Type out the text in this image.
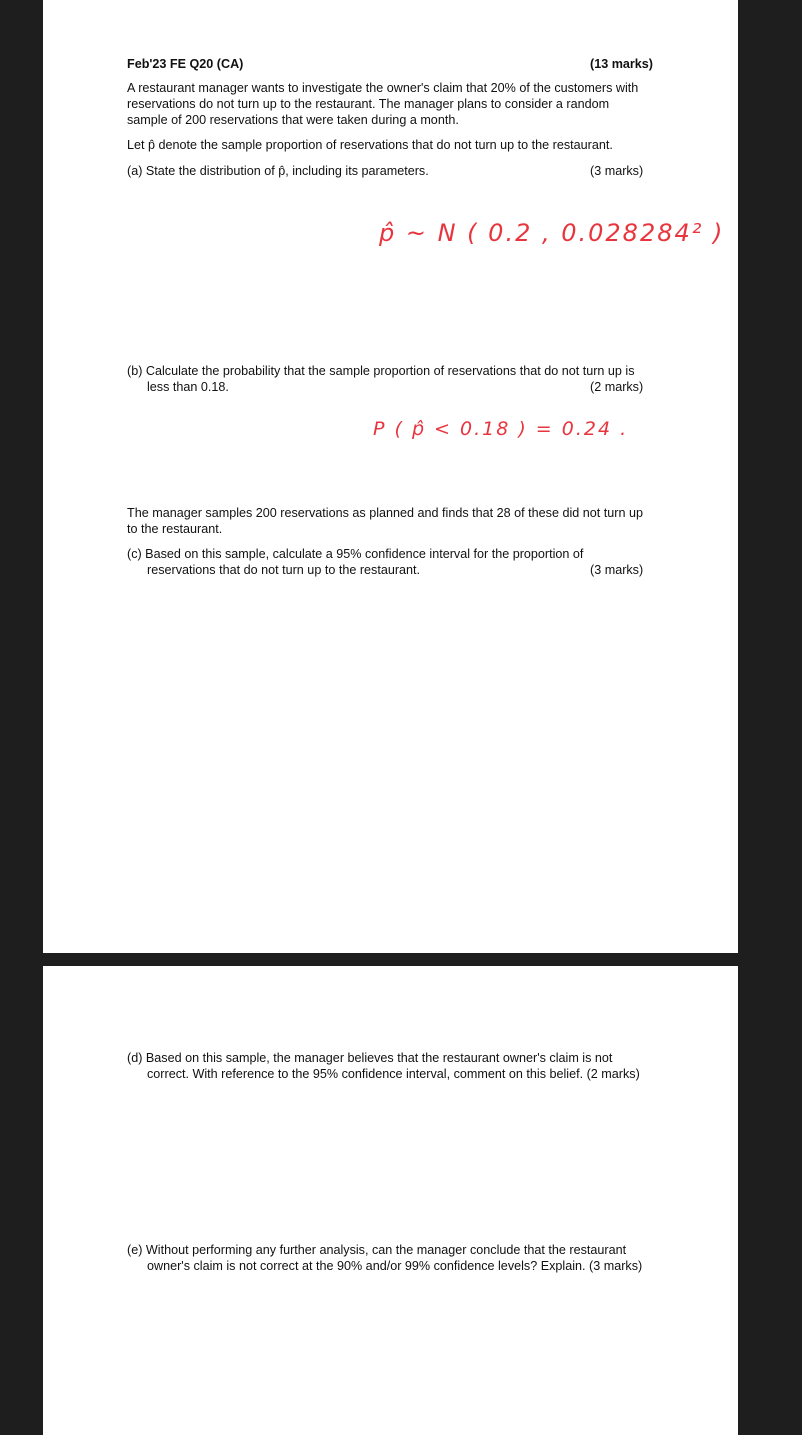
Feb'23 FE Q20 (CA)	(13 marks)
A restaurant manager wants to investigate the owner's claim that 20% of the customers with
reservations do not turn up to the restaurant. The manager plans to consider a random
sample of 200 reservations that were taken during a month.
Let p̂ denote the sample proportion of reservations that do not turn up to the restaurant.
(a) State the distribution of p̂, including its parameters.	(3 marks)
p̂ ~ N ( 0.2 , 0.028284² )
(b) Calculate the probability that the sample proportion of reservations that do not turn up is
less than 0.18.	(2 marks)
P ( p̂ < 0.18 ) = 0.24 .
The manager samples 200 reservations as planned and finds that 28 of these did not turn up
to the restaurant.
(c) Based on this sample, calculate a 95% confidence interval for the proportion of
reservations that do not turn up to the restaurant.	(3 marks)
(d) Based on this sample, the manager believes that the restaurant owner's claim is not
correct. With reference to the 95% confidence interval, comment on this belief. (2 marks)
(e) Without performing any further analysis, can the manager conclude that the restaurant
owner's claim is not correct at the 90% and/or 99% confidence levels? Explain. (3 marks)
